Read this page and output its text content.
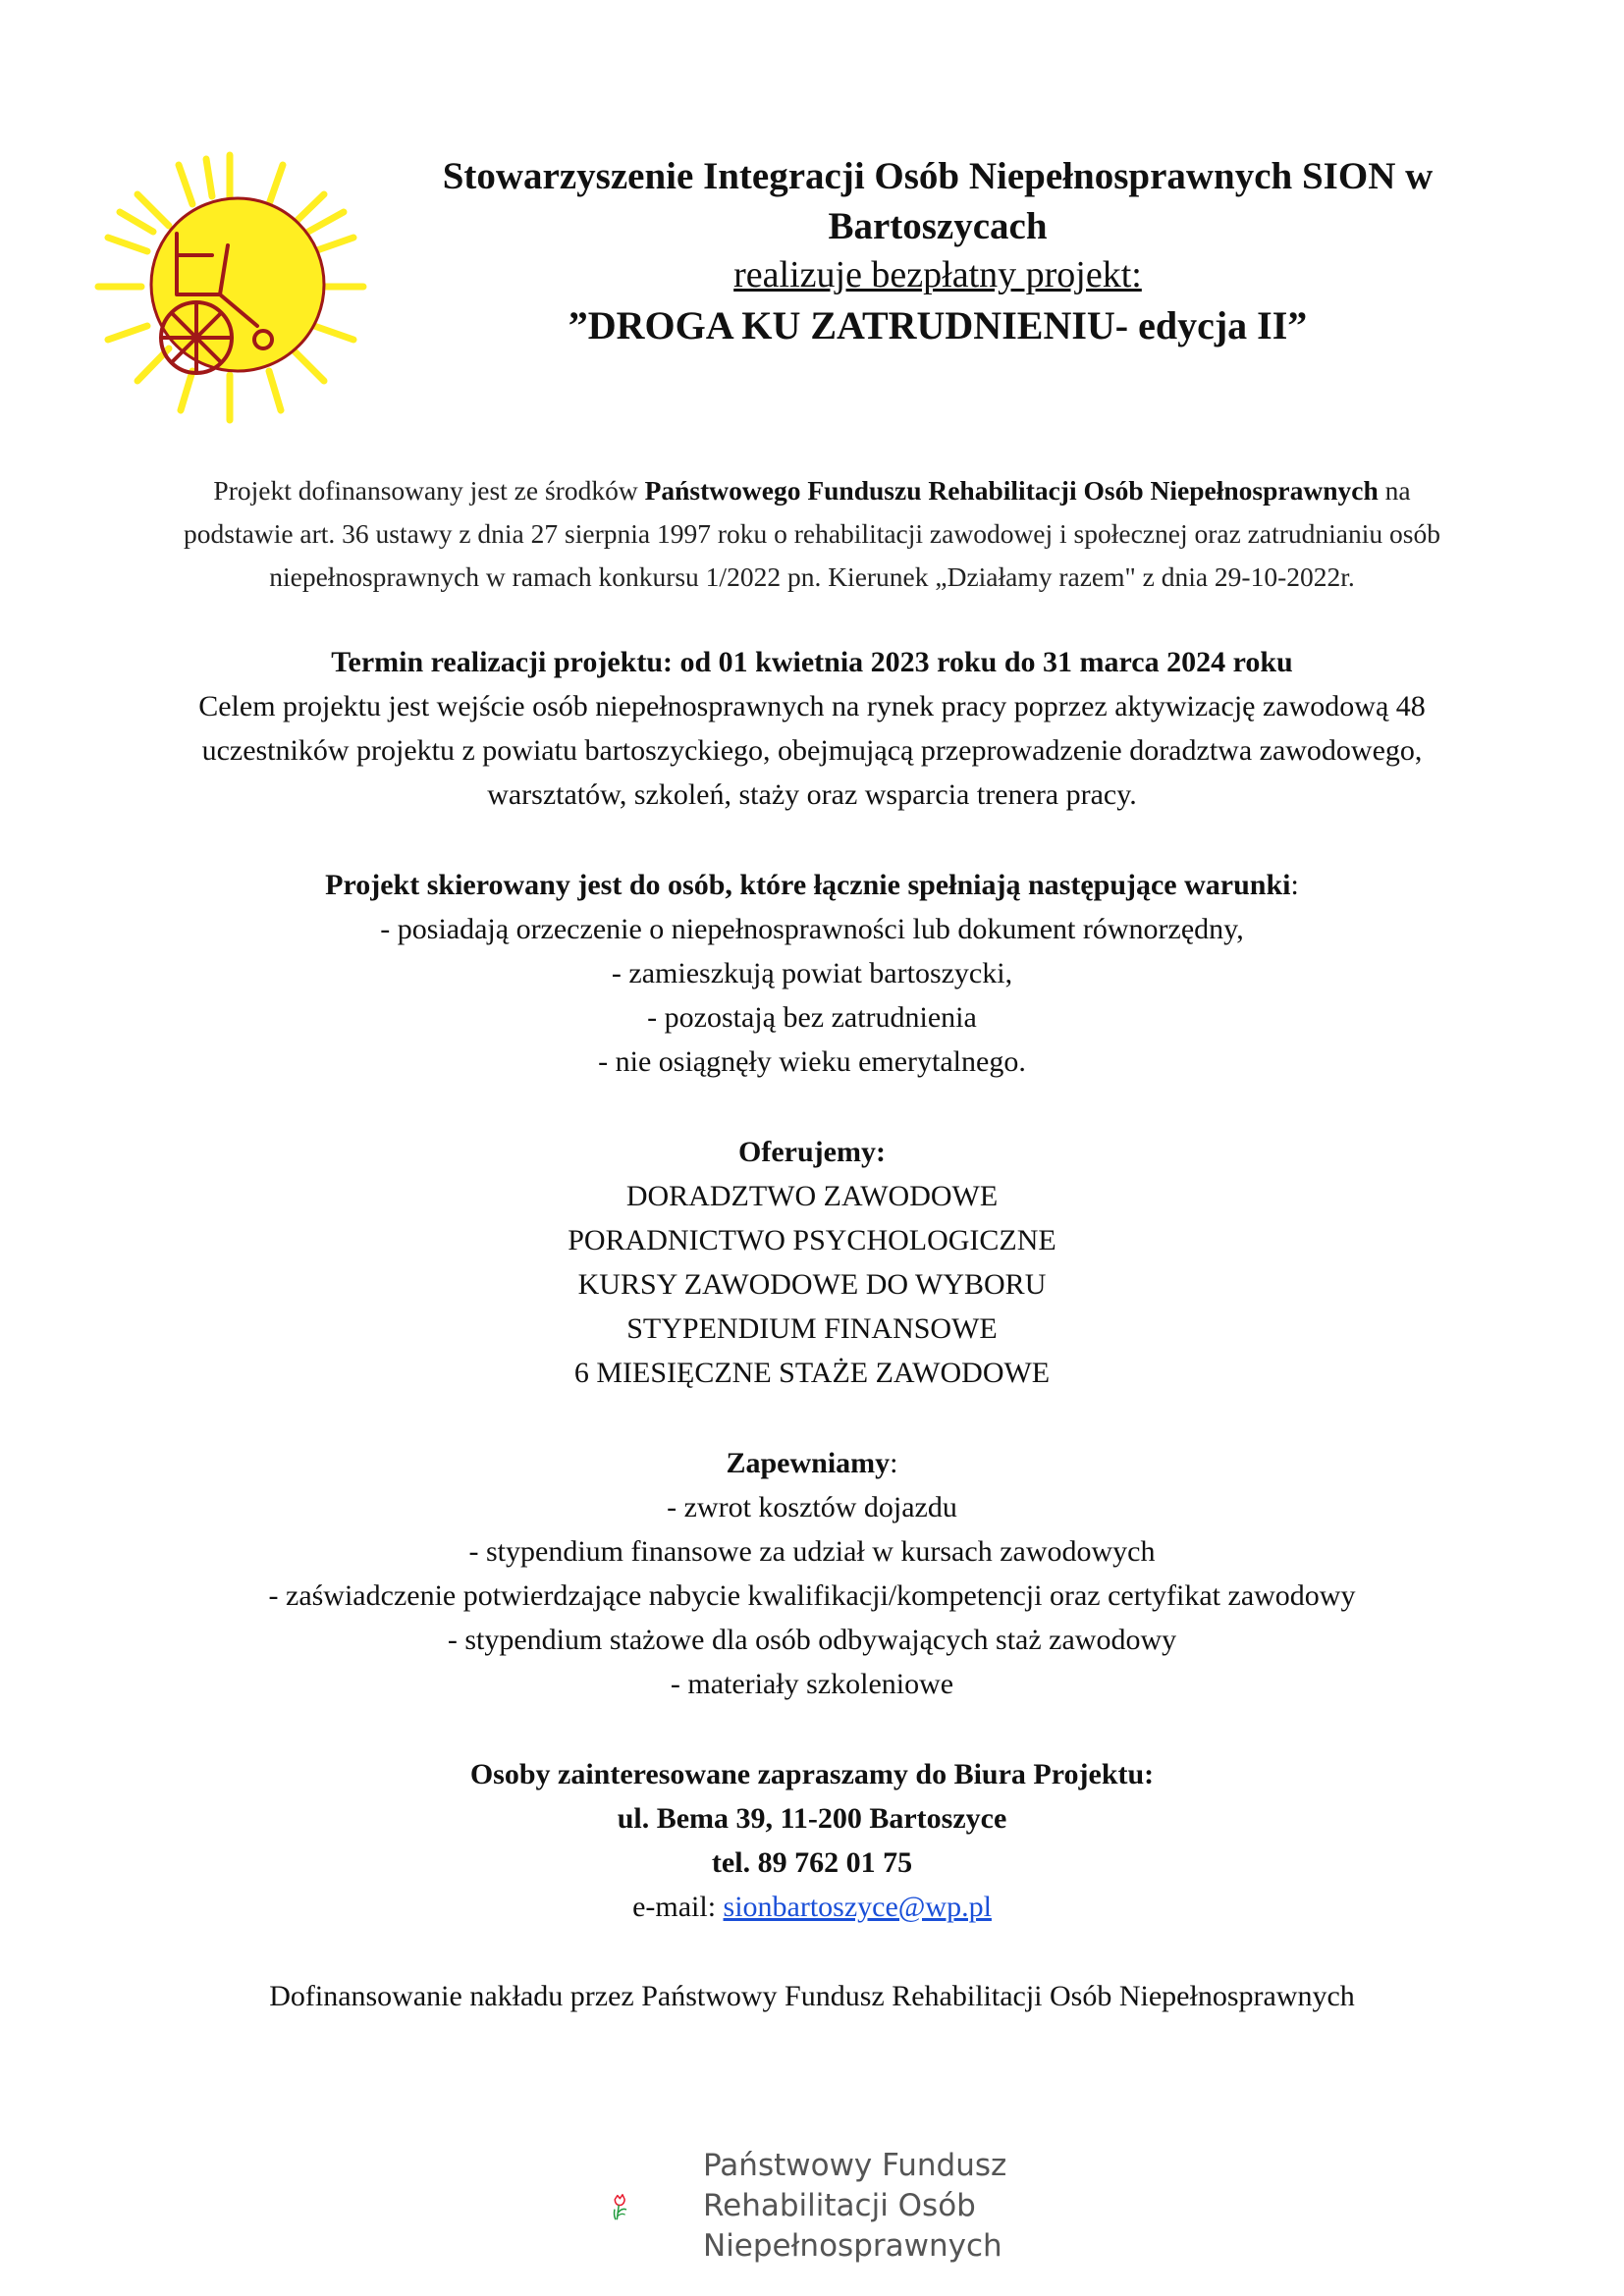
Stowarzyszenie Integracji Osób Niepełnosprawnych SION w

Bartoszycach

realizuje bezpłatny projekt:

”DROGA KU ZATRUDNIENIU- edycja II”

Projekt dofinansowany jest ze środków Państwowego Funduszu Rehabilitacji Osób Niepełnosprawnych na

podstawie art. 36 ustawy z dnia 27 sierpnia 1997 roku o rehabilitacji zawodowej i społecznej oraz zatrudnianiu osób

niepełnosprawnych w ramach konkursu 1/2022 pn. Kierunek „Działamy razem" z dnia 29-10-2022r.

Termin realizacji projektu: od 01 kwietnia 2023 roku do 31 marca 2024 roku

Celem projektu jest wejście osób niepełnosprawnych na rynek pracy poprzez aktywizację zawodową 48

uczestników projektu z powiatu bartoszyckiego, obejmującą przeprowadzenie doradztwa zawodowego,

warsztatów, szkoleń, staży oraz wsparcia trenera pracy.

Projekt skierowany jest do osób, które łącznie spełniają następujące warunki:

- posiadają orzeczenie o niepełnosprawności lub dokument równorzędny,

- zamieszkują powiat bartoszycki,

- pozostają bez zatrudnienia

- nie osiągnęły wieku emerytalnego.

Oferujemy:

DORADZTWO ZAWODOWE

PORADNICTWO PSYCHOLOGICZNE

KURSY ZAWODOWE DO WYBORU

STYPENDIUM FINANSOWE

6 MIESIĘCZNE STAŻE ZAWODOWE

Zapewniamy:

- zwrot kosztów dojazdu

- stypendium finansowe za udział w kursach zawodowych

- zaświadczenie potwierdzające nabycie kwalifikacji/kompetencji oraz certyfikat zawodowy

- stypendium stażowe dla osób odbywających staż zawodowy

- materiały szkoleniowe

Osoby zainteresowane zapraszamy do Biura Projektu:

ul. Bema 39, 11-200 Bartoszyce

tel. 89 762 01 75

e-mail: sionbartoszyce@wp.pl

Dofinansowanie nakładu przez Państwowy Fundusz Rehabilitacji Osób Niepełnosprawnych

Państwowy Fundusz
Rehabilitacji Osób
Niepełnosprawnych
